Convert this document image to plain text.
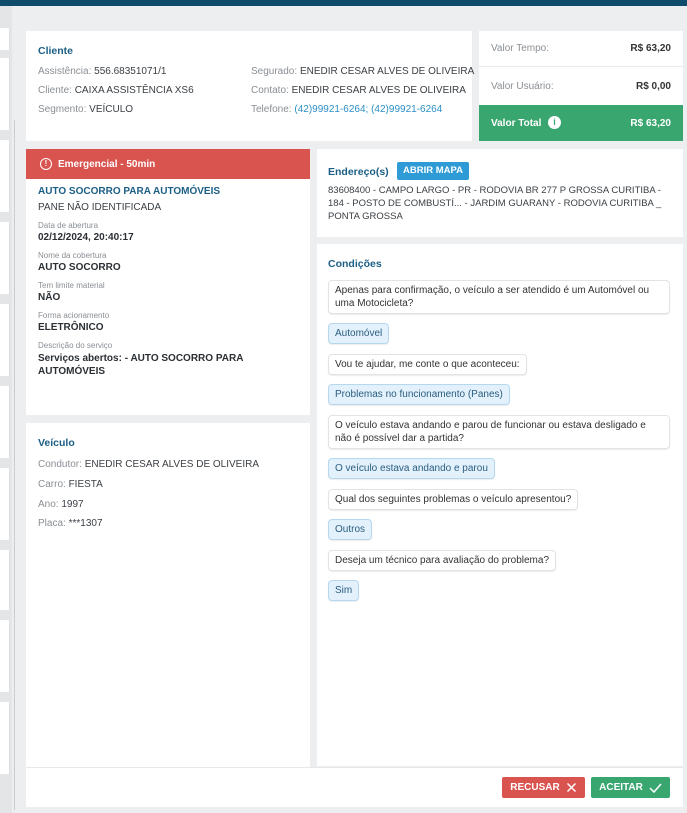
Cliente
Assistência: 556.68351071/1
Cliente: CAIXA ASSISTÊNCIA XS6
Segmento: VEÍCULO
Segurado: ENEDIR CESAR ALVES DE OLIVEIRA
Contato: ENEDIR CESAR ALVES DE OLIVEIRA
Telefone: (42)99921-6264; (42)99921-6264
Valor Tempo:	R$ 63,20
Valor Usuário:	R$ 0,00
Valor Total	i	R$ 63,20
!	Emergencial - 50min
AUTO SOCORRO PARA AUTOMÓVEIS
PANE NÃO IDENTIFICADA
Data de abertura
02/12/2024, 20:40:17
Nome da cobertura
AUTO SOCORRO
Tem limite material
NÃO
Forma acionamento
ELETRÔNICO
Descrição do serviço
Serviços abertos: - AUTO SOCORRO PARA AUTOMÓVEIS
Veículo
Condutor: ENEDIR CESAR ALVES DE OLIVEIRA
Carro: FIESTA
Ano: 1997
Placa: ***1307
Endereço(s)	ABRIR MAPA
83608400 - CAMPO LARGO - PR - RODOVIA BR 277 P GROSSA CURITIBA - 184 - POSTO DE COMBUSTÍ... - JARDIM GUARANY - RODOVIA CURITIBA _ PONTA GROSSA
Condições
Apenas para confirmação, o veículo a ser atendido é um Automóvel ou uma Motocicleta?
Automóvel
Vou te ajudar, me conte o que aconteceu:
Problemas no funcionamento (Panes)
O veículo estava andando e parou de funcionar ou estava desligado e não é possível dar a partida?
O veículo estava andando e parou
Qual dos seguintes problemas o veículo apresentou?
Outros
Deseja um técnico para avaliação do problema?
Sim
RECUSAR	ACEITAR
